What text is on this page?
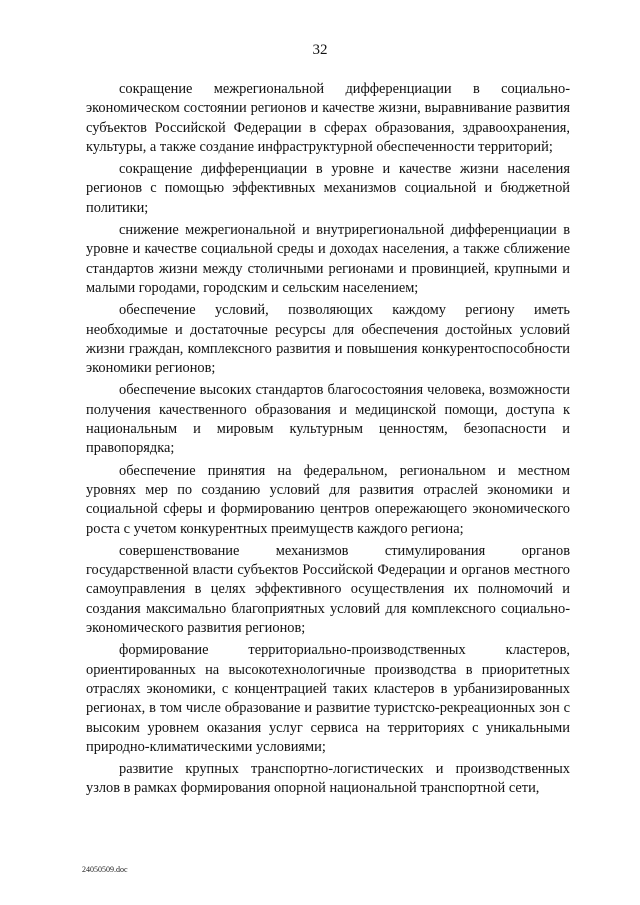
32

сокращение межрегиональной дифференциации в социально-экономическом состоянии регионов и качестве жизни, выравнивание развития субъектов Российской Федерации в сферах образования, здравоохранения, культуры, а также создание инфраструктурной обеспеченности территорий;

сокращение дифференциации в уровне и качестве жизни населения регионов с помощью эффективных механизмов социальной и бюджетной политики;

снижение межрегиональной и внутрирегиональной дифференциации в уровне и качестве социальной среды и доходах населения, а также сближение стандартов жизни между столичными регионами и провинцией, крупными и малыми городами, городским и сельским населением;

обеспечение условий, позволяющих каждому региону иметь необходимые и достаточные ресурсы для обеспечения достойных условий жизни граждан, комплексного развития и повышения конкурентоспособности экономики регионов;

обеспечение высоких стандартов благосостояния человека, возможности получения качественного образования и медицинской помощи, доступа к национальным и мировым культурным ценностям, безопасности и правопорядка;

обеспечение принятия на федеральном, региональном и местном уровнях мер по созданию условий для развития отраслей экономики и социальной сферы и формированию центров опережающего экономического роста с учетом конкурентных преимуществ каждого региона;

совершенствование механизмов стимулирования органов государственной власти субъектов Российской Федерации и органов местного самоуправления в целях эффективного осуществления их полномочий и создания максимально благоприятных условий для комплексного социально-экономического развития регионов;

формирование территориально-производственных кластеров, ориентированных на высокотехнологичные производства в приоритетных отраслях экономики, с концентрацией таких кластеров в урбанизированных регионах, в том числе образование и развитие туристско-рекреационных зон с высоким уровнем оказания услуг сервиса на территориях с уникальными природно-климатическими условиями;

развитие крупных транспортно-логистических и производственных узлов в рамках формирования опорной национальной транспортной сети,

24050509.doc
